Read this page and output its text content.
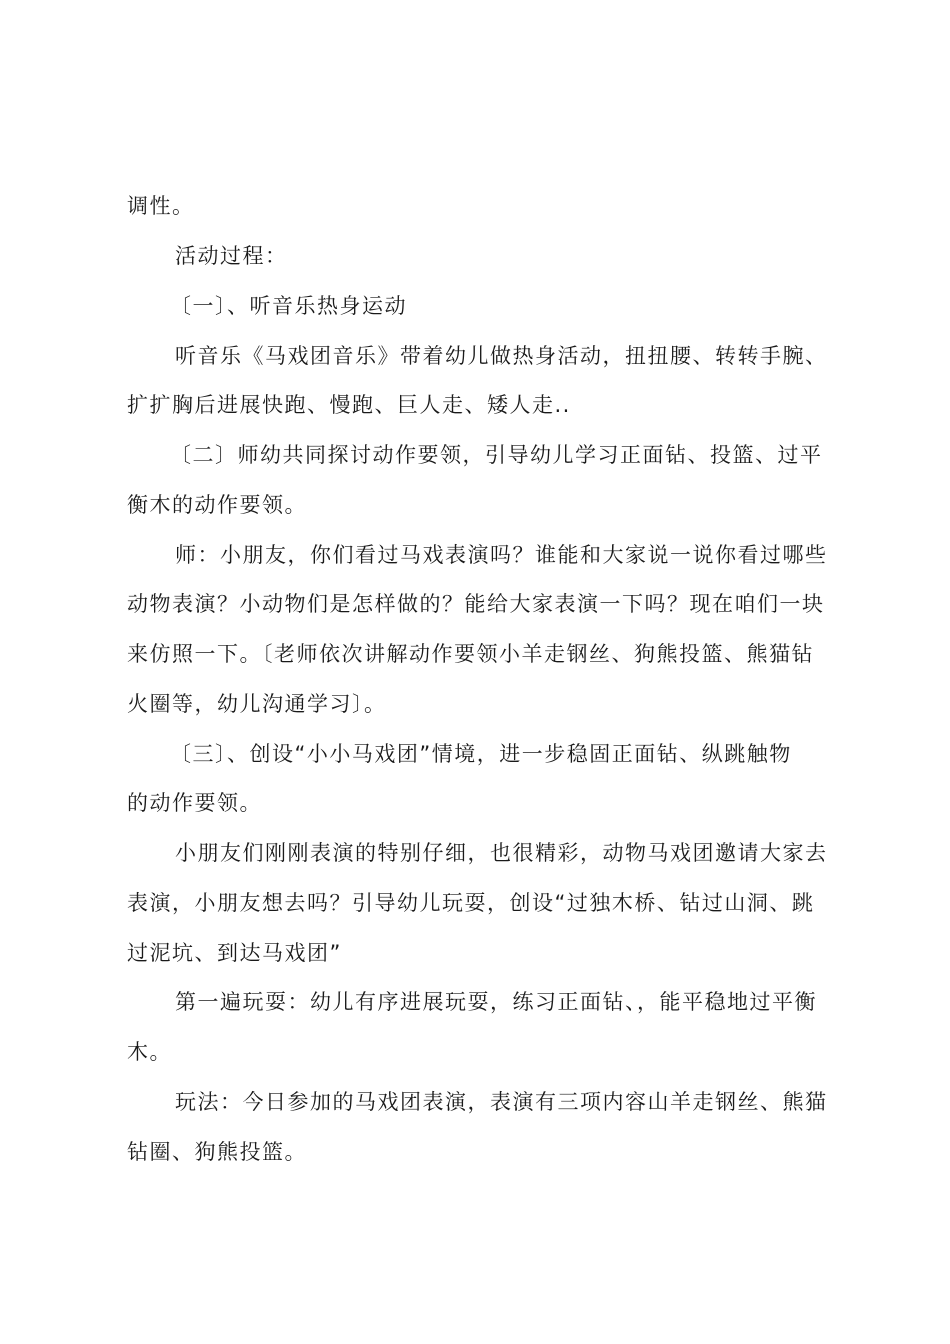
调性。
活动过程：
〔一〕、听音乐热身运动
听音乐《马戏团音乐》带着幼儿做热身活动，扭扭腰、转转手腕、
扩扩胸后进展快跑、慢跑、巨人走、矮人走..
〔二〕师幼共同探讨动作要领，引导幼儿学习正面钻、投篮、过平
衡木的动作要领。
师：小朋友，你们看过马戏表演吗？谁能和大家说一说你看过哪些
动物表演？小动物们是怎样做的？能给大家表演一下吗？现在咱们一块
来仿照一下。〔老师依次讲解动作要领小羊走钢丝、狗熊投篮、熊猫钻
火圈等，幼儿沟通学习〕。
〔三〕、创设“小小马戏团”情境，进一步稳固正面钻、纵跳触物
的动作要领。
小朋友们刚刚表演的特别仔细，也很精彩，动物马戏团邀请大家去
表演，小朋友想去吗？引导幼儿玩耍，创设“过独木桥、钻过山洞、跳
过泥坑、到达马戏团”
第一遍玩耍：幼儿有序进展玩耍，练习正面钻、，能平稳地过平衡
木。
玩法：今日参加的马戏团表演，表演有三项内容山羊走钢丝、熊猫
钻圈、狗熊投篮。
